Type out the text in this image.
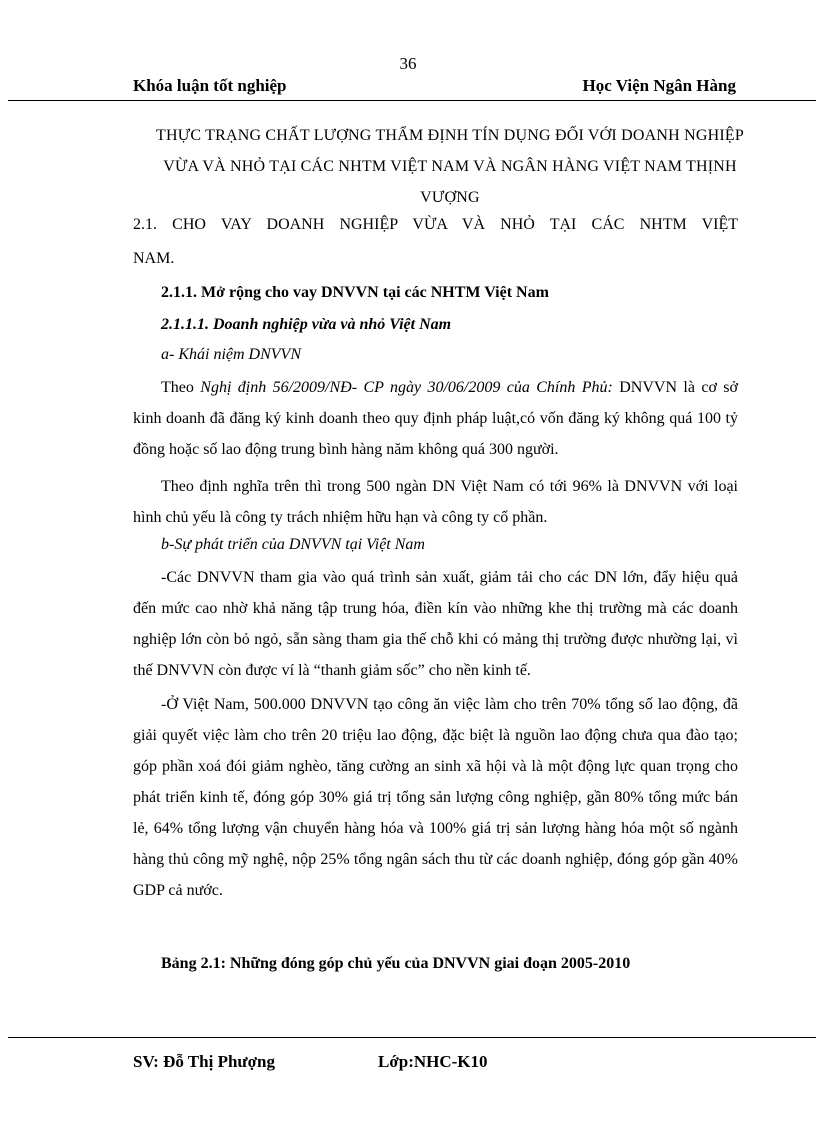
36
Khóa luận tốt nghiệp	Học Viện Ngân Hàng
THỰC TRẠNG CHẤT LƯỢNG THẨM ĐỊNH TÍN DỤNG ĐỐI VỚI DOANH NGHIỆP VỪA VÀ NHỎ TẠI CÁC NHTM VIỆT NAM VÀ NGÂN HÀNG VIỆT NAM THỊNH VƯỢNG
2.1. CHO VAY DOANH NGHIỆP VỪA VÀ NHỎ TẠI CÁC NHTM VIỆT
NAM.
2.1.1. Mở rộng cho vay DNVVN tại các NHTM Việt Nam
2.1.1.1. Doanh nghiệp vừa và nhỏ Việt Nam
a- Khái niệm DNVVN

Theo Nghị định 56/2009/NĐ- CP ngày 30/06/2009 của Chính Phủ: DNVVN là cơ sở kinh doanh đã đăng ký kinh doanh theo quy định pháp luật,có vốn đăng ký không quá 100 tỷ đồng hoặc số lao động trung bình hàng năm không quá 300 người.

Theo định nghĩa trên thì trong 500 ngàn DN Việt Nam có tới 96% là DNVVN với loại hình chủ yếu là công ty trách nhiệm hữu hạn và công ty cổ phần.

b-Sự phát triển của DNVVN tại Việt Nam

-Các DNVVN tham gia vào quá trình sản xuất, giảm tải cho các DN lớn, đẩy hiệu quả đến mức cao nhờ khả năng tập trung hóa, điền kín vào những khe thị trường mà các doanh nghiệp lớn còn bỏ ngỏ, sẵn sàng tham gia thế chỗ khi có mảng thị trường được nhường lại, vì thế DNVVN còn được ví là “thanh giảm sốc” cho nền kinh tế.

-Ở Việt Nam, 500.000 DNVVN tạo công ăn việc làm cho trên 70% tổng số lao động, đã giải quyết việc làm cho trên 20 triệu lao động, đặc biệt là nguồn lao động chưa qua đào tạo; góp phần xoá đói giảm nghèo, tăng cường an sinh xã hội và là một động lực quan trọng cho phát triển kinh tế, đóng góp 30% giá trị tổng sản lượng công nghiệp, gần 80% tổng mức bán lẻ, 64% tổng lượng vận chuyển hàng hóa và 100% giá trị sản lượng hàng hóa một số ngành hàng thủ công mỹ nghệ, nộp 25% tổng ngân sách thu từ các doanh nghiệp, đóng góp gần 40% GDP cả nước.

Bảng 2.1: Những đóng góp chủ yếu của DNVVN giai đoạn 2005-2010
SV: Đỗ Thị Phượng	Lớp:NHC-K10
